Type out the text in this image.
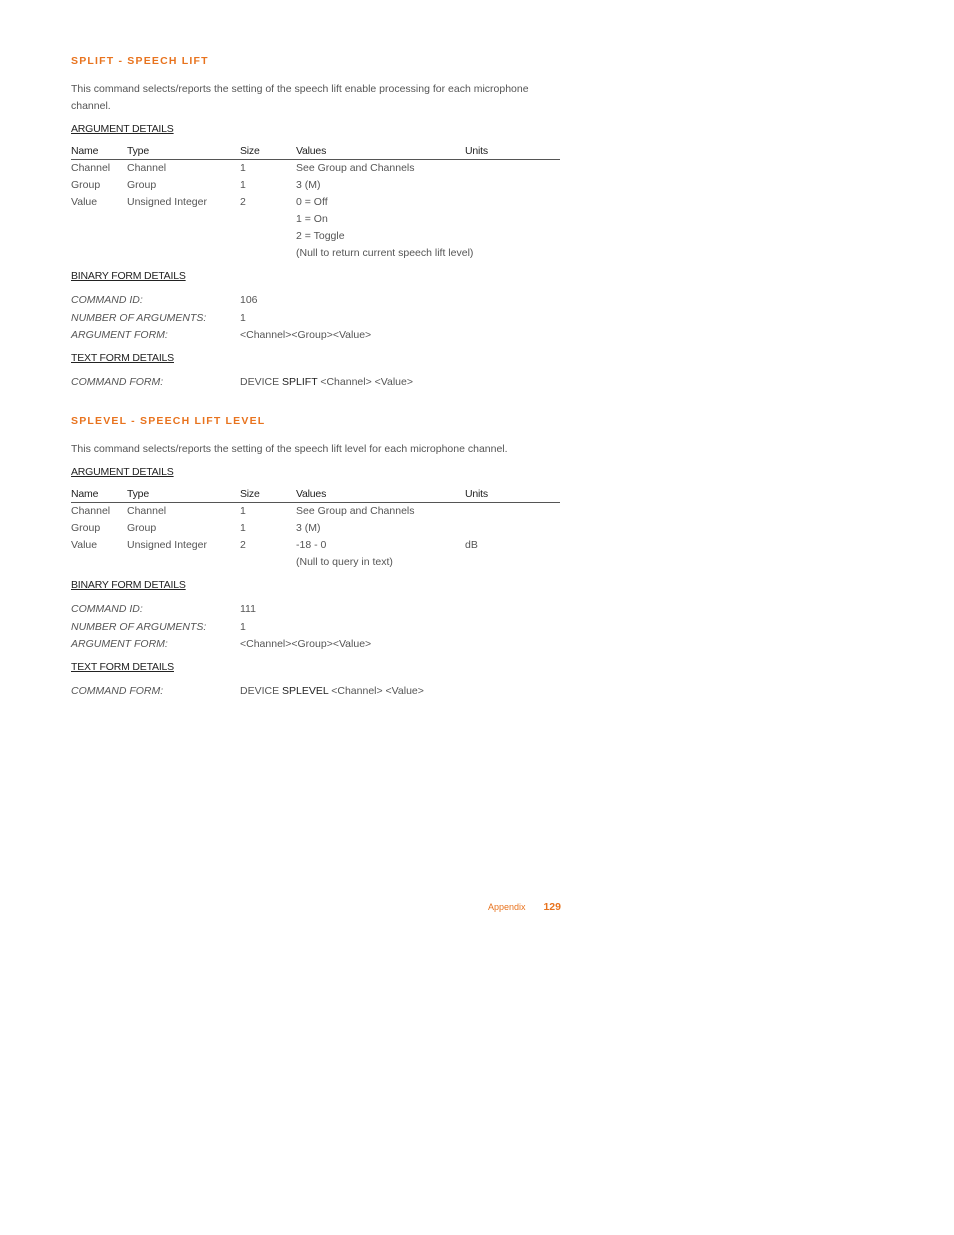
SPLIFT - SPEECH LIFT

This command selects/reports the setting of the speech lift enable processing for each microphone channel.

ARGUMENT DETAILS
Name	Type	Size	Values	Units
Channel	Channel	1	See Group and Channels	
Group	Group	1	3 (M)	
Value	Unsigned Integer	2	0 = Off	
			1 = On	
			2 = Toggle	
			(Null to return current speech lift level)	
BINARY FORM DETAILS
COMMAND ID:	106
NUMBER OF ARGUMENTS:	1
ARGUMENT FORM:	<Channel><Group><Value>
TEXT FORM DETAILS
COMMAND FORM:	DEVICE SPLIFT <Channel> <Value>
SPLEVEL - SPEECH LIFT LEVEL

This command selects/reports the setting of the speech lift level for each microphone channel.

ARGUMENT DETAILS
Name	Type	Size	Values	Units
Channel	Channel	1	See Group and Channels	
Group	Group	1	3 (M)	
Value	Unsigned Integer	2	-18 - 0	dB
			(Null to query in text)	
BINARY FORM DETAILS
COMMAND ID:	111
NUMBER OF ARGUMENTS:	1
ARGUMENT FORM:	<Channel><Group><Value>
TEXT FORM DETAILS
COMMAND FORM:	DEVICE SPLEVEL <Channel> <Value>
Appendix 129
